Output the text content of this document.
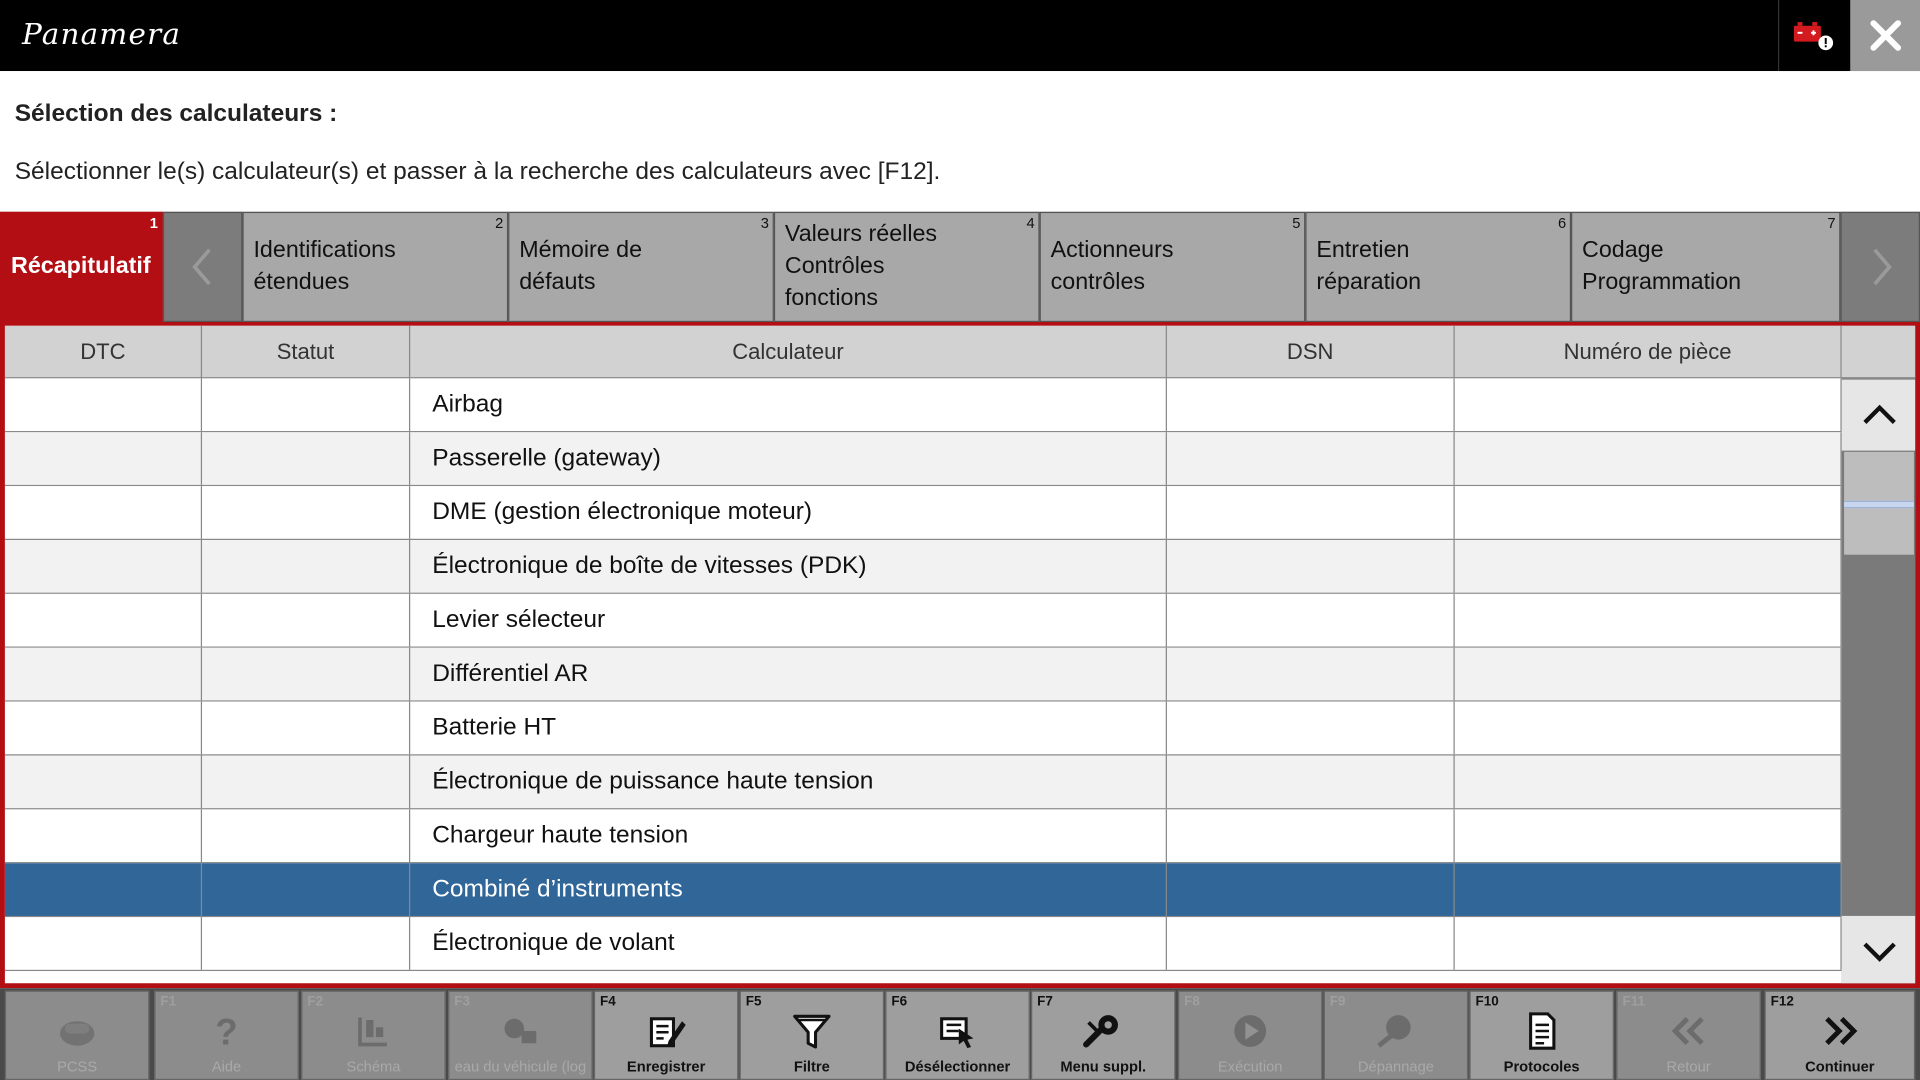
Panamera
Sélection des calculateurs :
Sélectionner le(s) calculateur(s) et passer à la recherche des calculateurs avec [F12].
1
Récapitulatif
2
Identifications étendues
3
Mémoire de défauts
4
Valeurs réelles Contrôles fonctions
5
Actionneurs contrôles
6
Entretien réparation
7
Codage Programmation
DTC	Statut	Calculateur	DSN	Numéro de pièce
Airbag
Passerelle (gateway)
DME (gestion électronique moteur)
Électronique de boîte de vitesses (PDK)
Levier sélecteur
Différentiel AR
Batterie HT
Électronique de puissance haute tension
Chargeur haute tension
Combiné d’instruments
Électronique de volant
PCSS
F1
?
Aide
F2
Schéma
F3
eau du véhicule (log
F4
Enregistrer
F5
Filtre
F6
Désélectionner
F7
Menu suppl.
F8
Exécution
F9
Dépannage
F10
Protocoles
F11
Retour
F12
Continuer
